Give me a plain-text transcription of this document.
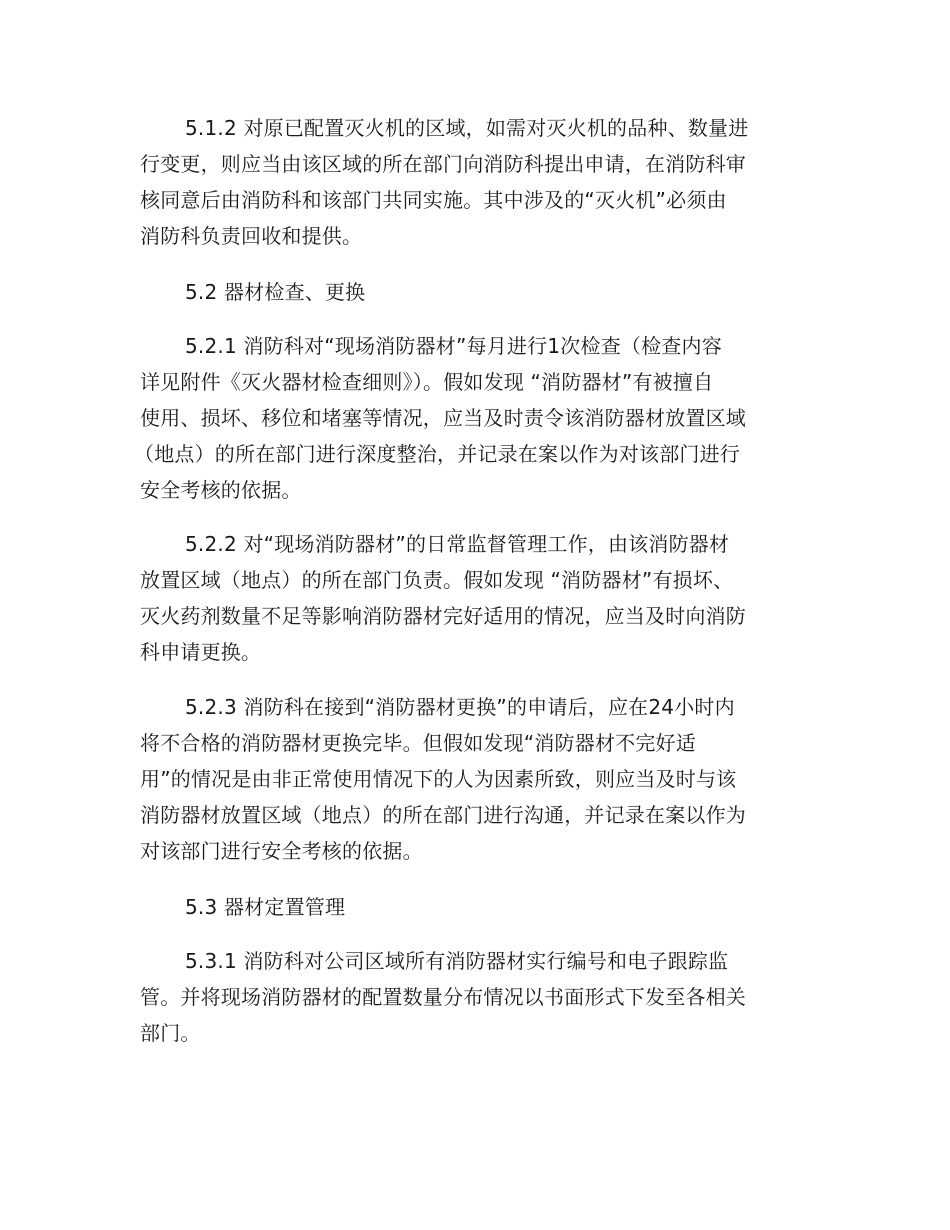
5.1.2 对原已配置灭火机的区域，如需对灭火机的品种、数量进
行变更，则应当由该区域的所在部门向消防科提出申请，在消防科审
核同意后由消防科和该部门共同实施。其中涉及的“灭火机”必须由
消防科负责回收和提供。
5.2 器材检查、更换
5.2.1 消防科对“现场消防器材”每月进行1次检查（检查内容
详见附件《灭火器材检查细则》）。假如发现 “消防器材”有被擅自
使用、损坏、移位和堵塞等情况，应当及时责令该消防器材放置区域
（地点）的所在部门进行深度整治，并记录在案以作为对该部门进行
安全考核的依据。
5.2.2 对“现场消防器材”的日常监督管理工作，由该消防器材
放置区域（地点）的所在部门负责。假如发现 “消防器材”有损坏、
灭火药剂数量不足等影响消防器材完好适用的情况，应当及时向消防
科申请更换。
5.2.3 消防科在接到“消防器材更换”的申请后，应在24小时内
将不合格的消防器材更换完毕。但假如发现“消防器材不完好适
用”的情况是由非正常使用情况下的人为因素所致，则应当及时与该
消防器材放置区域（地点）的所在部门进行沟通，并记录在案以作为
对该部门进行安全考核的依据。
5.3 器材定置管理
5.3.1 消防科对公司区域所有消防器材实行编号和电子跟踪监
管。并将现场消防器材的配置数量分布情况以书面形式下发至各相关
部门。
